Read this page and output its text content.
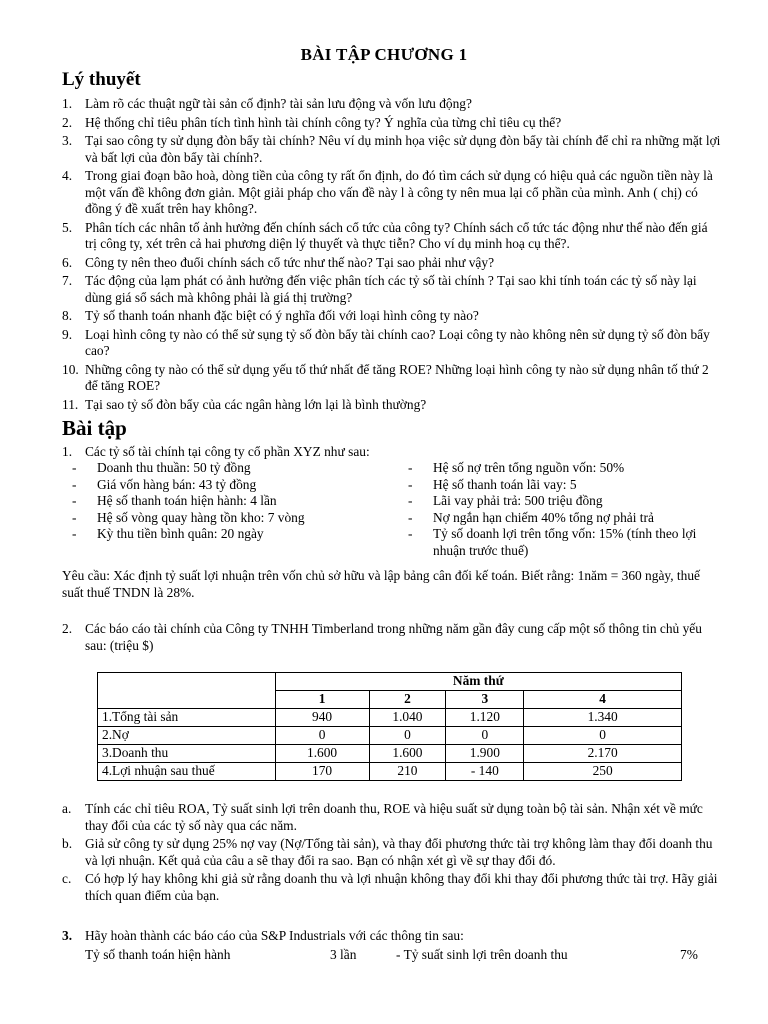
BÀI TẬP CHƯƠNG 1
Lý thuyết
1. Làm rõ các thuật ngữ tài sản cố định? tài sản lưu động và vốn lưu động?
2. Hệ thống chỉ tiêu phân tích tình hình tài chính công ty? Ý nghĩa của từng chỉ tiêu cụ thể?
3. Tại sao công ty sử dụng đòn bẩy tài chính? Nêu ví dụ minh họa việc sử dụng đòn bẩy tài chính để chỉ ra những mặt lợi và bất lợi của đòn bẩy tài chính?.
4. Trong giai đoạn bão hoà, dòng tiền của công ty rất ổn định, do đó tìm cách sử dụng có hiệu quả các nguồn tiền này là một vấn đề không đơn giản. Một giải pháp cho vấn đề này l à công ty nên mua lại cổ phần của mình. Anh ( chị) có đồng ý đề xuất trên hay không?.
5. Phân tích các nhân tố ảnh hưởng đến chính sách cổ tức của công ty? Chính sách cổ tức tác động như thế nào đến giá trị công ty, xét trên cả hai phương diện lý thuyết và thực tiễn? Cho ví dụ minh hoạ cụ thể?.
6. Công ty nên theo đuổi chính sách cổ tức như thế nào? Tại sao phải như vậy?
7. Tác động của lạm phát có ảnh hưởng đến việc phân tích các tỷ số tài chính ? Tại sao khi tính toán các tỷ số này lại dùng giá sổ sách mà không phải là giá thị trường?
8. Tỷ số thanh toán nhanh đặc biệt có ý nghĩa đối với loại hình công ty nào?
9. Loại hình công ty nào có thể sử sụng tỷ số đòn bẩy tài chính cao? Loại công ty nào không nên sử dụng tỷ số đòn bẩy cao?
10. Những công ty nào có thể sử dụng yếu tố thứ nhất để tăng ROE? Những loại hình công ty nào sử dụng nhân tố thứ 2 để tăng ROE?
11. Tại sao tỷ số đòn bẩy của các ngân hàng lớn lại là bình thường?
Bài tập
1. Các tỷ số tài chính tại công ty cổ phần XYZ như sau:
- Doanh thu thuần: 50 tỷ đồng
- Giá vốn hàng bán: 43 tỷ đồng
- Hệ số thanh toán hiện hành: 4 lần
- Hệ số vòng quay hàng tồn kho: 7 vòng
- Kỳ thu tiền bình quân: 20 ngày
- Hệ số nợ trên tổng nguồn vốn: 50%
- Hệ số thanh toán lãi vay: 5
- Lãi vay phải trả: 500 triệu đồng
- Nợ ngắn hạn chiếm 40% tổng nợ phải trả
- Tỷ số doanh lợi trên tổng vốn: 15% (tính theo lợi nhuận trước thuế)
Yêu cầu: Xác định tỷ suất lợi nhuận trên vốn chủ sở hữu và lập bảng cân đối kế toán. Biết rằng: 1năm = 360 ngày, thuế suất thuế TNDN là 28%.
2. Các báo cáo tài chính của Công ty TNHH Timberland trong những năm gần đây cung cấp một số thông tin chủ yếu sau: (triệu $)
	Năm thứ			
	1	2	3	4
1.Tổng tài sản	940	1.040	1.120	1.340
2.Nợ	0	0	0	0
3.Doanh thu	1.600	1.600	1.900	2.170
4.Lợi nhuận sau thuế	170	210	- 140	250
a. Tính các chỉ tiêu ROA, Tỷ suất sinh lợi trên doanh thu, ROE và hiệu suất sử dụng toàn bộ tài sản. Nhận xét về mức thay đổi của các tỷ số này qua các năm.
b. Giả sử công ty sử dụng 25% nợ vay (Nợ/Tổng tài sản), và thay đổi phương thức tài trợ không làm thay đổi doanh thu và lợi nhuận. Kết quả của câu a sẽ thay đổi ra sao. Bạn có nhận xét gì về sự thay đổi đó.
c. Có hợp lý hay không khi giả sử rằng doanh thu và lợi nhuận không thay đổi khi thay đổi phương thức tài trợ. Hãy giải thích quan điểm của bạn.
3. Hãy hoàn thành các báo cáo của S&P Industrials với các thông tin sau:
Tỷ số thanh toán hiện hành	3 lần	- Tỷ suất sinh lợi trên doanh thu	7%
